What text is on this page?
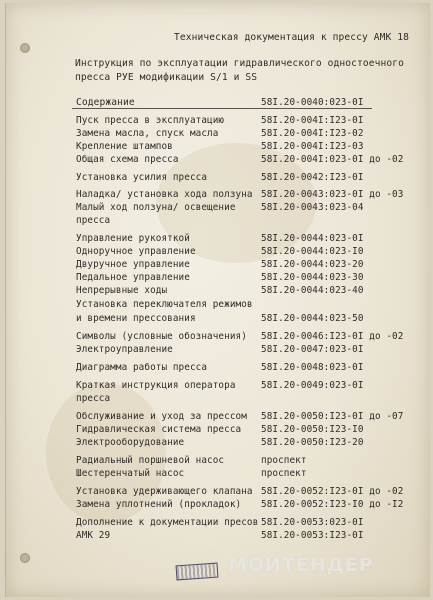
Техническая документация к прессу АМК 18
Инструкция по эксплуатации гидравлического одностоечного
пресса РУЕ модификации S/1 и SS
Содержание	58I.20-0040:023-0I
Пуск пресса в эксплуатацию	58I.20-004I:I23-0I
Замена масла, спуск масла	58I.20-004I:I23-02
Крепление штампов	58I.20-004I:I23-03
Общая схема пресса	58I.20-004I:023-0I до -02
Установка усилия пресса	58I.20-0042:I23-0I
Наладка/ установка хода ползуна 58I.20-0043:023-0I до -03
Малый ход ползуна/ освещение	58I.20-0043:023-04
пресса
Управление рукояткой	58I.20-0044:023-0I
Одноручное управление	58I.20-0044:023-I0
Двуручное управление	58I.20-0044:023-20
Педальное управление	58I.20-0044:023-30
Непрерывные ходы	58I.20-0044:023-40
Установка переключателя режимов
и времени прессования	58I.20-0044:023-50
Символы (условные обозначения) 58I.20-0046:I23-0I до -02
Электроуправление	58I.20-0047:023-0I
Диаграмма работы пресса	58I.20-0048:023-0I
Краткая инструкция оператора	58I.20-0049:023-0I
пресса
Обслуживание и уход за прессом 58I.20-0050:I23-0I до -07
Гидравлическая система пресса 58I.20-0050:I23-I0
Электрооборудование	58I.20-0050:I23-20
Радиальный поршневой насос	проспект
Шестеренчатый насос	проспект
Установка удерживающего клапана 58I.20-0052:I23-0I до -02
Замена уплотнений (прокладок) 58I.20-0052:I23-I0 до -I2
Дополнение к документации пресов 58I.20-0053:023-0I
АМК 29	58I.20-0053:I23-0I
МОЙТЕНДЕР
